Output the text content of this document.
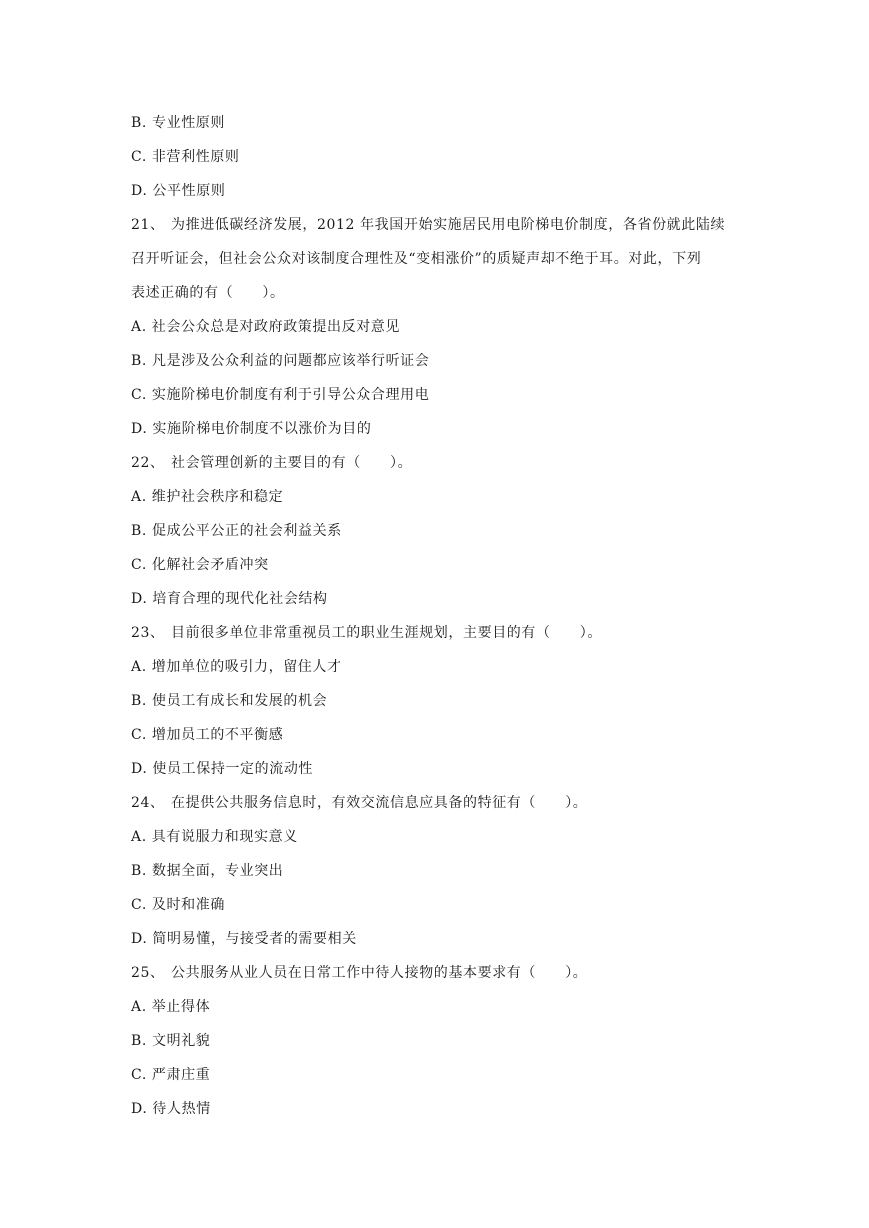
B. 专业性原则
C. 非营利性原则
D. 公平性原则
21、 为推进低碳经济发展，2012 年我国开始实施居民用电阶梯电价制度，各省份就此陆续
召开听证会，但社会公众对该制度合理性及“变相涨价”的质疑声却不绝于耳。对此，下列
表述正确的有（　　）。
A. 社会公众总是对政府政策提出反对意见
B. 凡是涉及公众利益的问题都应该举行听证会
C. 实施阶梯电价制度有利于引导公众合理用电
D. 实施阶梯电价制度不以涨价为目的
22、 社会管理创新的主要目的有（　　）。
A. 维护社会秩序和稳定
B. 促成公平公正的社会利益关系
C. 化解社会矛盾冲突
D. 培育合理的现代化社会结构
23、 目前很多单位非常重视员工的职业生涯规划，主要目的有（　　）。
A. 增加单位的吸引力，留住人才
B. 使员工有成长和发展的机会
C. 增加员工的不平衡感
D. 使员工保持一定的流动性
24、 在提供公共服务信息时，有效交流信息应具备的特征有（　　）。
A. 具有说服力和现实意义
B. 数据全面，专业突出
C. 及时和准确
D. 简明易懂，与接受者的需要相关
25、 公共服务从业人员在日常工作中待人接物的基本要求有（　　）。
A. 举止得体
B. 文明礼貌
C. 严肃庄重
D. 待人热情
